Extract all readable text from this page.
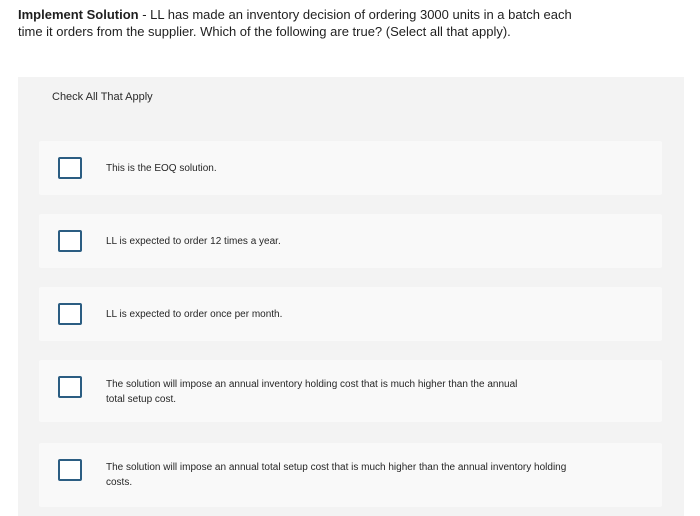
Implement Solution - LL has made an inventory decision of ordering 3000 units in a batch each time it orders from the supplier. Which of the following are true? (Select all that apply).
Check All That Apply
This is the EOQ solution.
LL is expected to order 12 times a year.
LL is expected to order once per month.
The solution will impose an annual inventory holding cost that is much higher than the annual total setup cost.
The solution will impose an annual total setup cost that is much higher than the annual inventory holding costs.
